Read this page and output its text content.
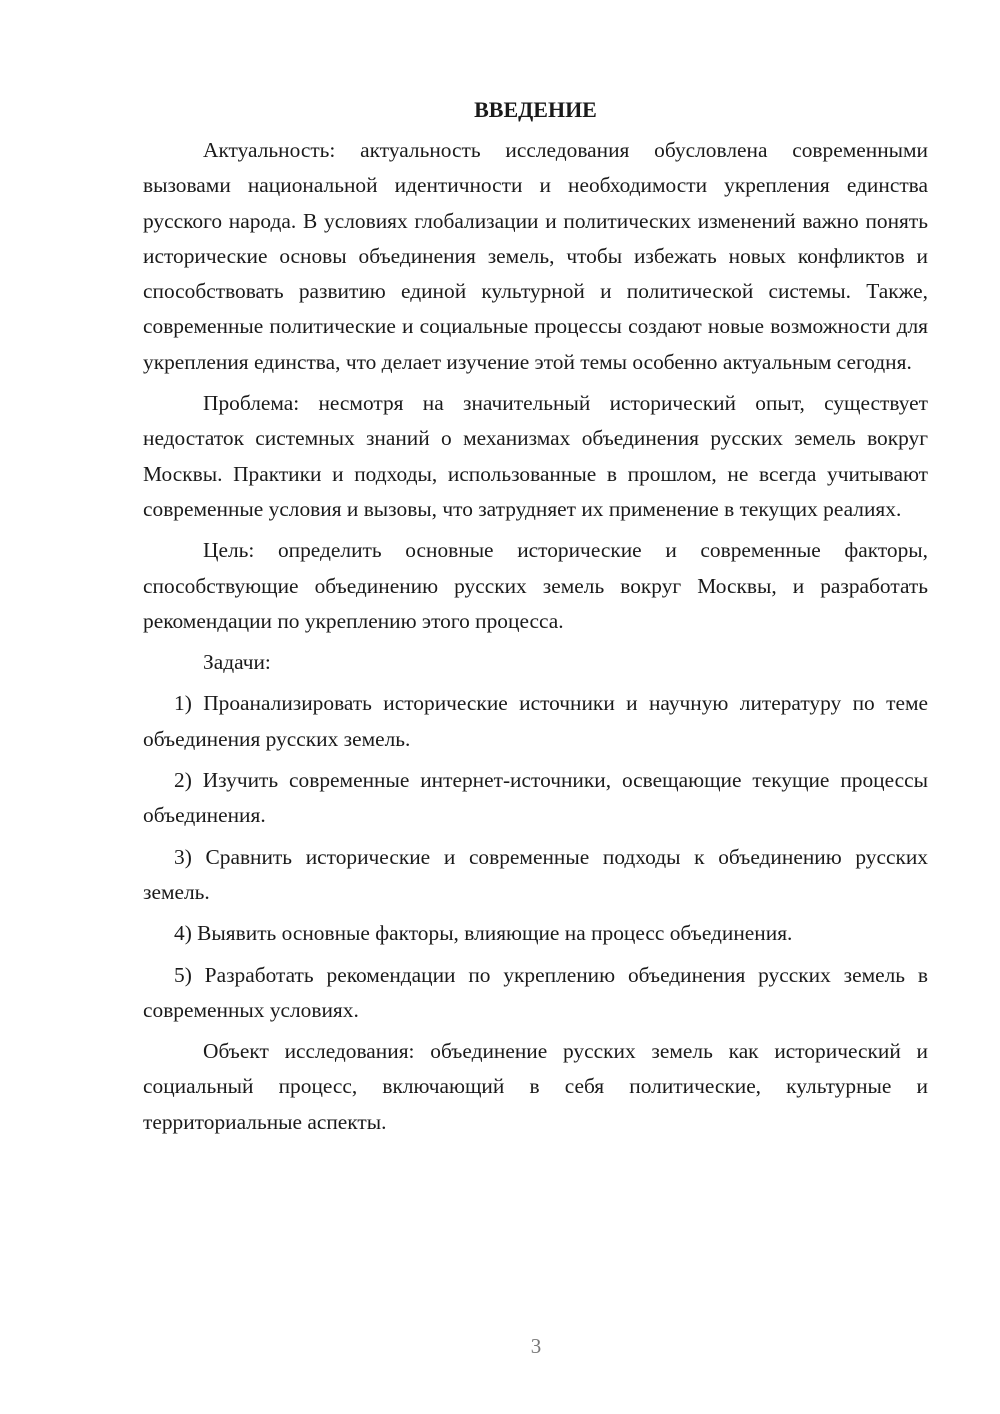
ВВЕДЕНИЕ

Актуальность: актуальность исследования обусловлена современными вызовами национальной идентичности и необходимости укрепления единства русского народа. В условиях глобализации и политических изменений важно понять исторические основы объединения земель, чтобы избежать новых конфликтов и способствовать развитию единой культурной и политической системы. Также, современные политические и социальные процессы создают новые возможности для укрепления единства, что делает изучение этой темы особенно актуальным сегодня.

Проблема: несмотря на значительный исторический опыт, существует недостаток системных знаний о механизмах объединения русских земель вокруг Москвы. Практики и подходы, использованные в прошлом, не всегда учитывают современные условия и вызовы, что затрудняет их применение в текущих реалиях.

Цель: определить основные исторические и современные факторы, способствующие объединению русских земель вокруг Москвы, и разработать рекомендации по укреплению этого процесса.

Задачи:

1) Проанализировать исторические источники и научную литературу по теме объединения русских земель.

2) Изучить современные интернет-источники, освещающие текущие процессы объединения.

3) Сравнить исторические и современные подходы к объединению русских земель.

4) Выявить основные факторы, влияющие на процесс объединения.

5) Разработать рекомендации по укреплению объединения русских земель в современных условиях.

Объект исследования: объединение русских земель как исторический и социальный процесс, включающий в себя политические, культурные и территориальные аспекты.

3
